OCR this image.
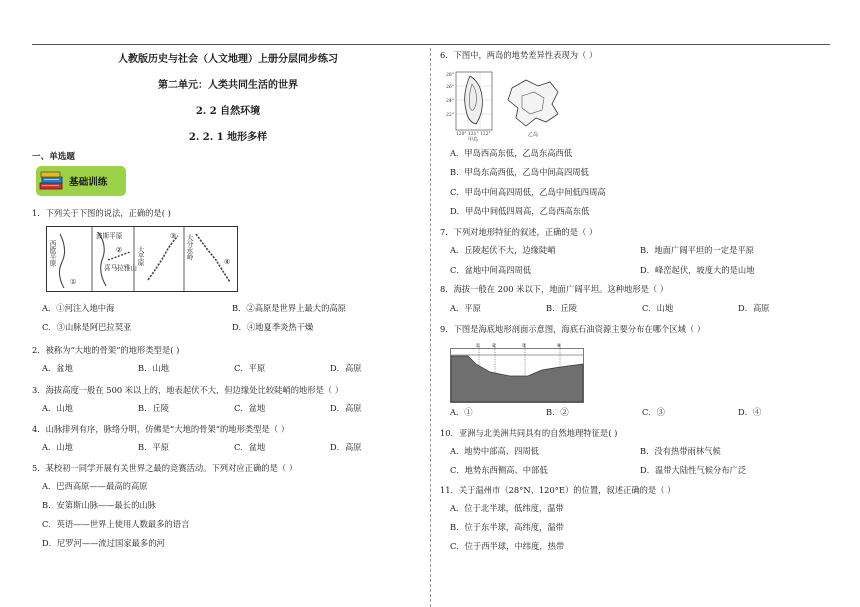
人教版历史与社会（人文地理）上册分层同步练习
第二单元：人类共同生活的世界
2. 2 自然环境
2. 2. 1 地形多样
一、单选题
基础训练
1．下列关于下图的说法，正确的是( )
A．①河注入地中海	B．②高原是世界上最大的高原
C．③山脉是阿巴拉契亚	D．④地夏季炎热干燥
2．被称为“大地的骨架”的地形类型是( )
A．盆地	B．山地	C．平原	D．高原
3．海拔高度一般在 500 米以上的，地表起伏不大，但边缘处比较陡峭的地形是（ ）
A．山地	B．丘陵	C．盆地	D．高原
4．山脉排列有序，脉络分明，仿佛是“大地的骨架”的地形类型是（ ）
A．山地	B．平原	C．盆地	D．高原
5．某校初一同学开展有关世界之最的竞赛活动。下列对应正确的是（ ）
A．巴西高原——最高的高原
B．安第斯山脉——最长的山脉
C．英语——世界上使用人数最多的语言
D．尼罗河——流过国家最多的河
西欧平原
波斯平原
喜马拉雅山
大平原	大分水岭
①
②
③
④
6．下图中，两岛的地势差异性表现为（ ）
A．甲岛西高东低，乙岛东高西低
B．甲岛东高西低，乙岛中间高四周低
C．甲岛中间高四周低，乙岛中间低四周高
D．甲岛中间低四周高，乙岛西高东低
7．下列对地形特征的叙述，正确的是（ ）
A．丘陵起伏不大，边缘陡峭	B．地面广阔平坦的一定是平原
C．盆地中间高四周低	D．峰峦起伏，坡度大的是山地
8．海拔一般在 200 米以下，地面广阔平坦。这种地形是（ ）
A．平原	B．丘陵	C．山地	D．高原
9．下图是海底地形剖面示意图，海底石油资源主要分布在哪个区域（ ）
A．①	B．②	C．③	D．④
10．亚洲与北美洲共同具有的自然地理特征是( )
A．地势中部高、四周低	B．没有热带雨林气候
C．地势东西侧高、中部低	D．温带大陆性气候分布广泛
11．关于温州市（28°N、120°E）的位置，叙述正确的是（ ）
A．位于北半球，低纬度，温带
B．位于东半球，高纬度，温带
C．位于西半球，中纬度，热带
28°
26°
24°
22°
120° 121° 122°
甲岛
乙岛
① ②	③	④
